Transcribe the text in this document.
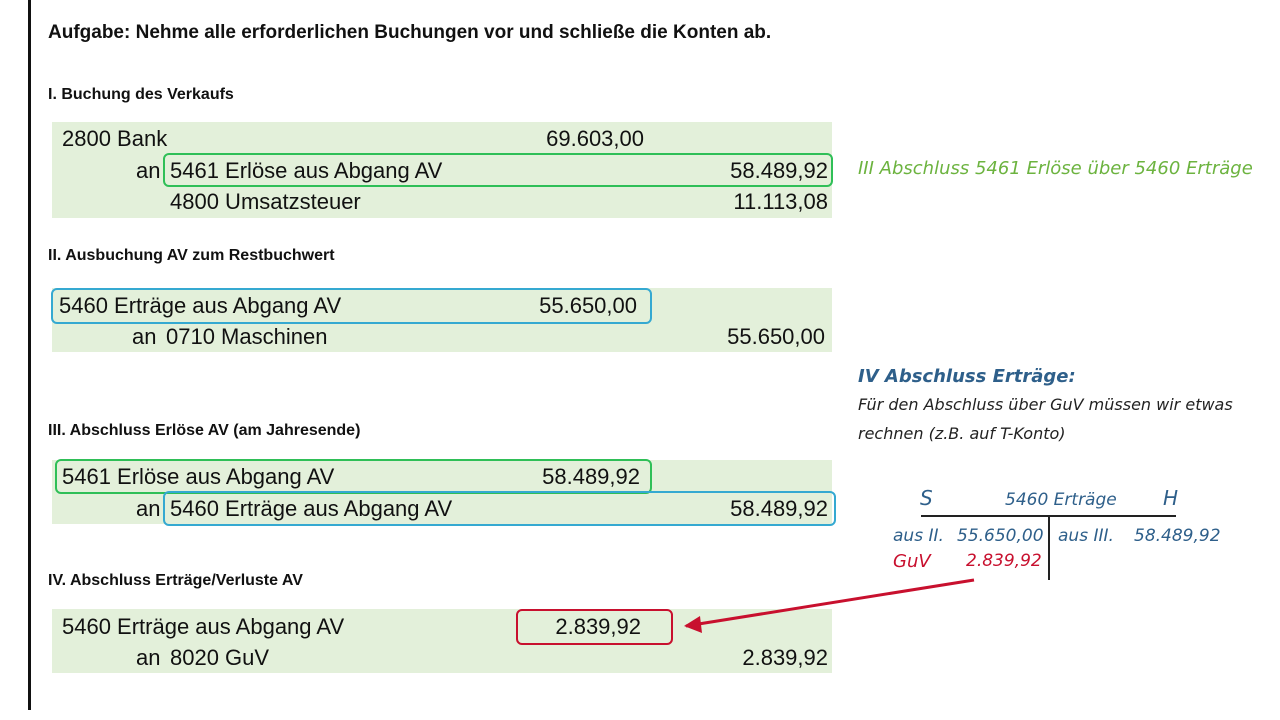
Aufgabe: Nehme alle erforderlichen Buchungen vor und schließe die Konten ab.
I. Buchung des Verkaufs
2800 Bank	69.603,00
an 5461 Erlöse aus Abgang AV	58.489,92
4800 Umsatzsteuer	11.113,08
III Abschluss 5461 Erlöse über 5460 Erträge
II. Ausbuchung AV zum Restbuchwert
5460 Erträge aus Abgang AV	55.650,00
an 0710 Maschinen	55.650,00
IV Abschluss Erträge:
Für den Abschluss über GuV müssen wir etwas
rechnen (z.B. auf T-Konto)
III. Abschluss Erlöse AV (am Jahresende)
5461 Erlöse aus Abgang AV	58.489,92
an 5460 Erträge aus Abgang AV	58.489,92
IV. Abschluss Erträge/Verluste AV
5460 Erträge aus Abgang AV	2.839,92
an 8020 GuV	2.839,92
S	5460 Erträge H
aus II. 55.650,00 aus III. 58.489,92
GuV 2.839,92
